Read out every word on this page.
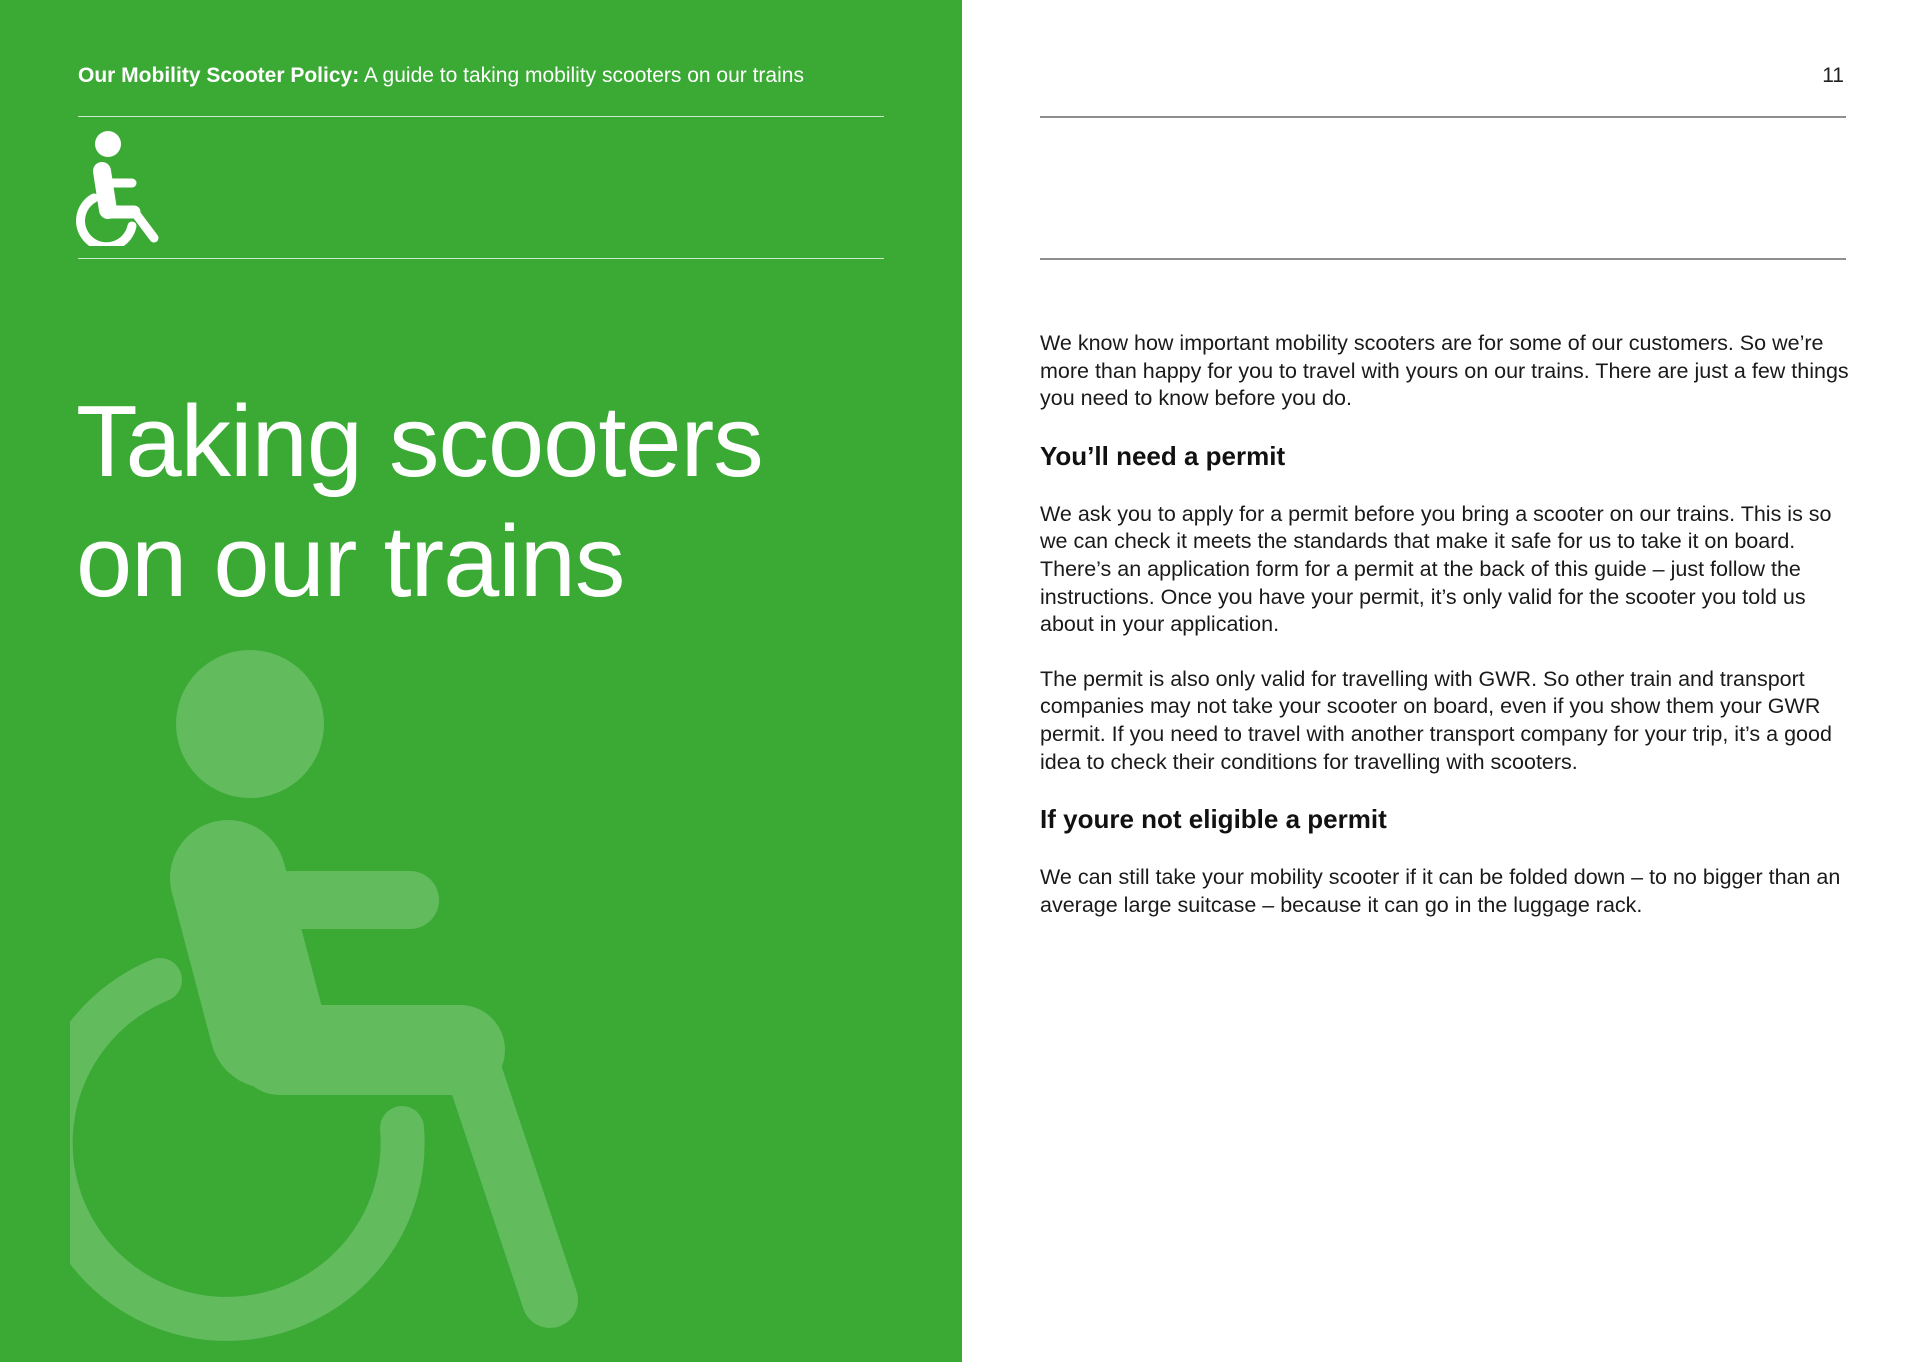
Our Mobility Scooter Policy: A guide to taking mobility scooters on our trains
Taking scooters
on our trains
11

We know how important mobility scooters are for some of our customers. So we’re more than happy for you to travel with yours on our trains. There are just a few things you need to know before you do.

You’ll need a permit

We ask you to apply for a permit before you bring a scooter on our trains. This is so we can check it meets the standards that make it safe for us to take it on board. There’s an application form for a permit at the back of this guide – just follow the instructions. Once you have your permit, it’s only valid for the scooter you told us about in your application.

The permit is also only valid for travelling with GWR. So other train and transport companies may not take your scooter on board, even if you show them your GWR permit. If you need to travel with another transport company for your trip, it’s a good idea to check their conditions for travelling with scooters.

If youre not eligible a permit

We can still take your mobility scooter if it can be folded down – to no bigger than an average large suitcase – because it can go in the luggage rack.
